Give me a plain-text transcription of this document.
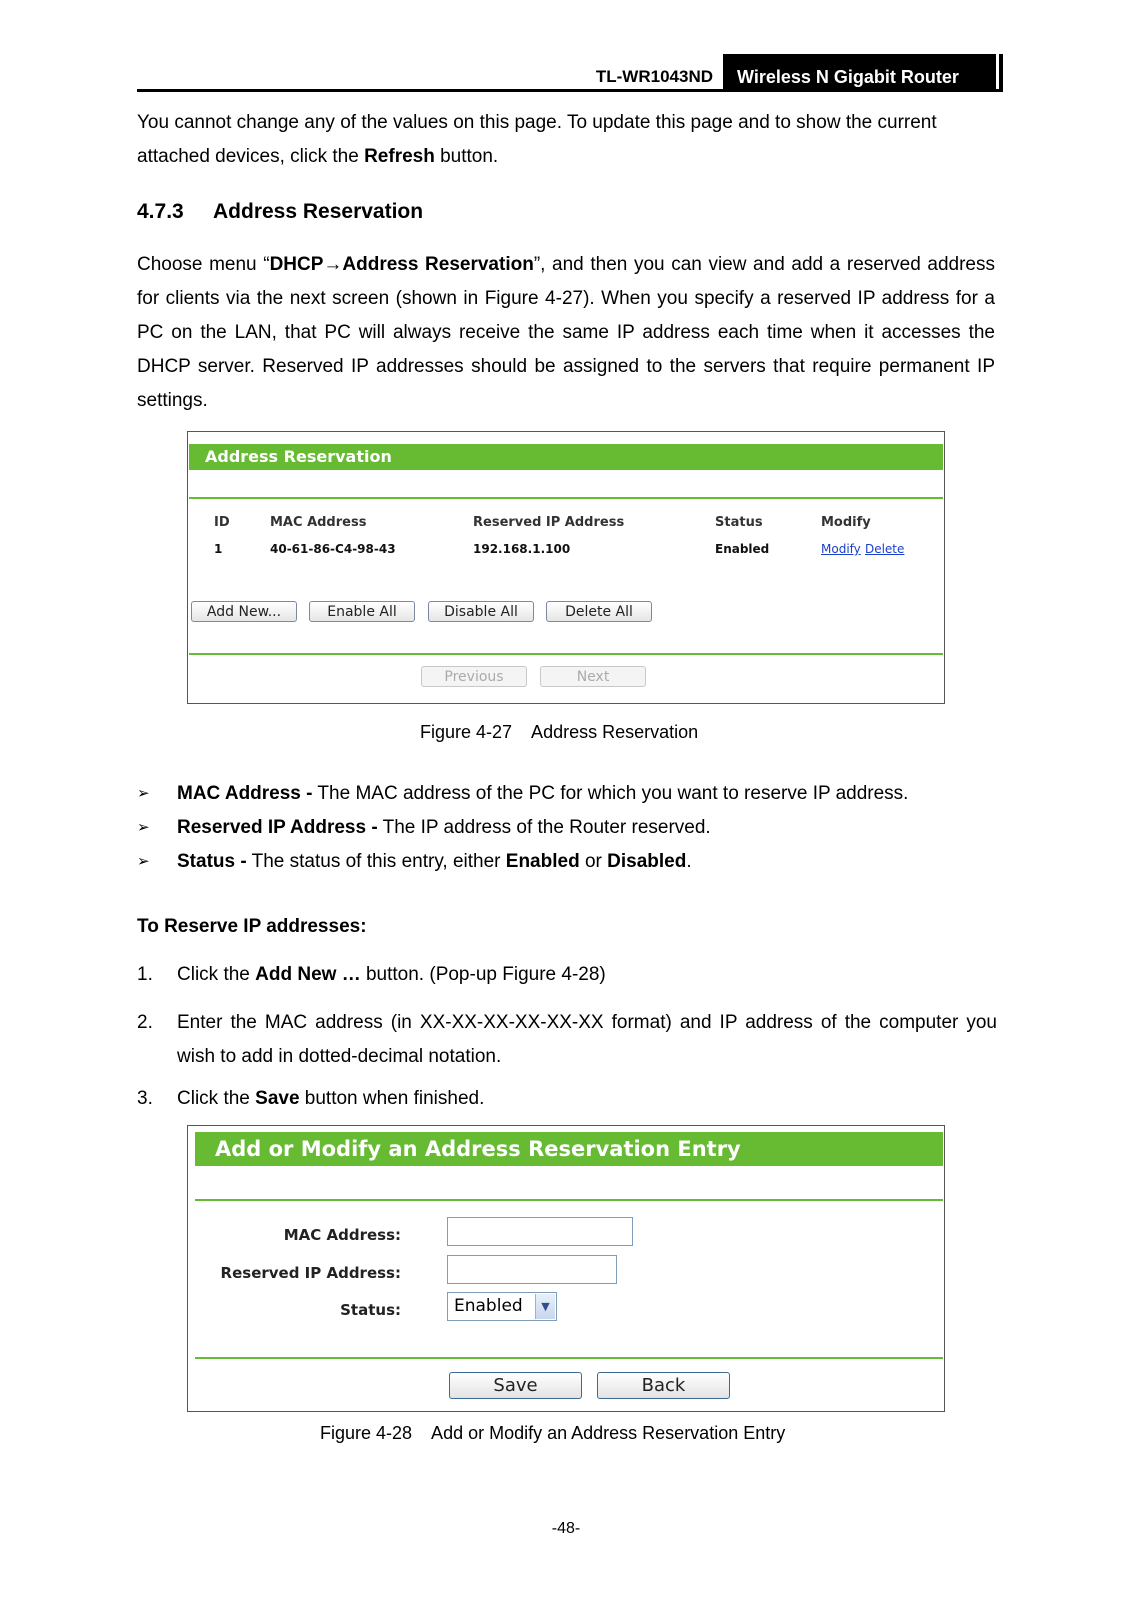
TL-WR1043ND	Wireless N Gigabit Router
You cannot change any of the values on this page. To update this page and to show the current attached devices, click the Refresh button.
4.7.3 Address Reservation
Choose menu “DHCP→Address Reservation”, and then you can view and add a reserved address for clients via the next screen (shown in Figure 4-27). When you specify a reserved IP address for a PC on the LAN, that PC will always receive the same IP address each time when it accesses the DHCP server. Reserved IP addresses should be assigned to the servers that require permanent IP settings.
Address Reservation
ID	MAC Address	Reserved IP Address	Status	Modify
1	40-61-86-C4-98-43	192.168.1.100	Enabled	Modify Delete
Add New...	Enable All	Disable All	Delete All
Previous	Next
Figure 4-27    Address Reservation
➢ MAC Address - The MAC address of the PC for which you want to reserve IP address.
➢ Reserved IP Address - The IP address of the Router reserved.
➢ Status - The status of this entry, either Enabled or Disabled.
To Reserve IP addresses:
1. Click the Add New … button. (Pop-up Figure 4-28)
2. Enter the MAC address (in XX-XX-XX-XX-XX-XX format) and IP address of the computer you wish to add in dotted-decimal notation.
3. Click the Save button when finished.
Add or Modify an Address Reservation Entry
MAC Address:
Reserved IP Address:
Status:	Enabled	▼
Save	Back
Figure 4-28    Add or Modify an Address Reservation Entry
-48-
